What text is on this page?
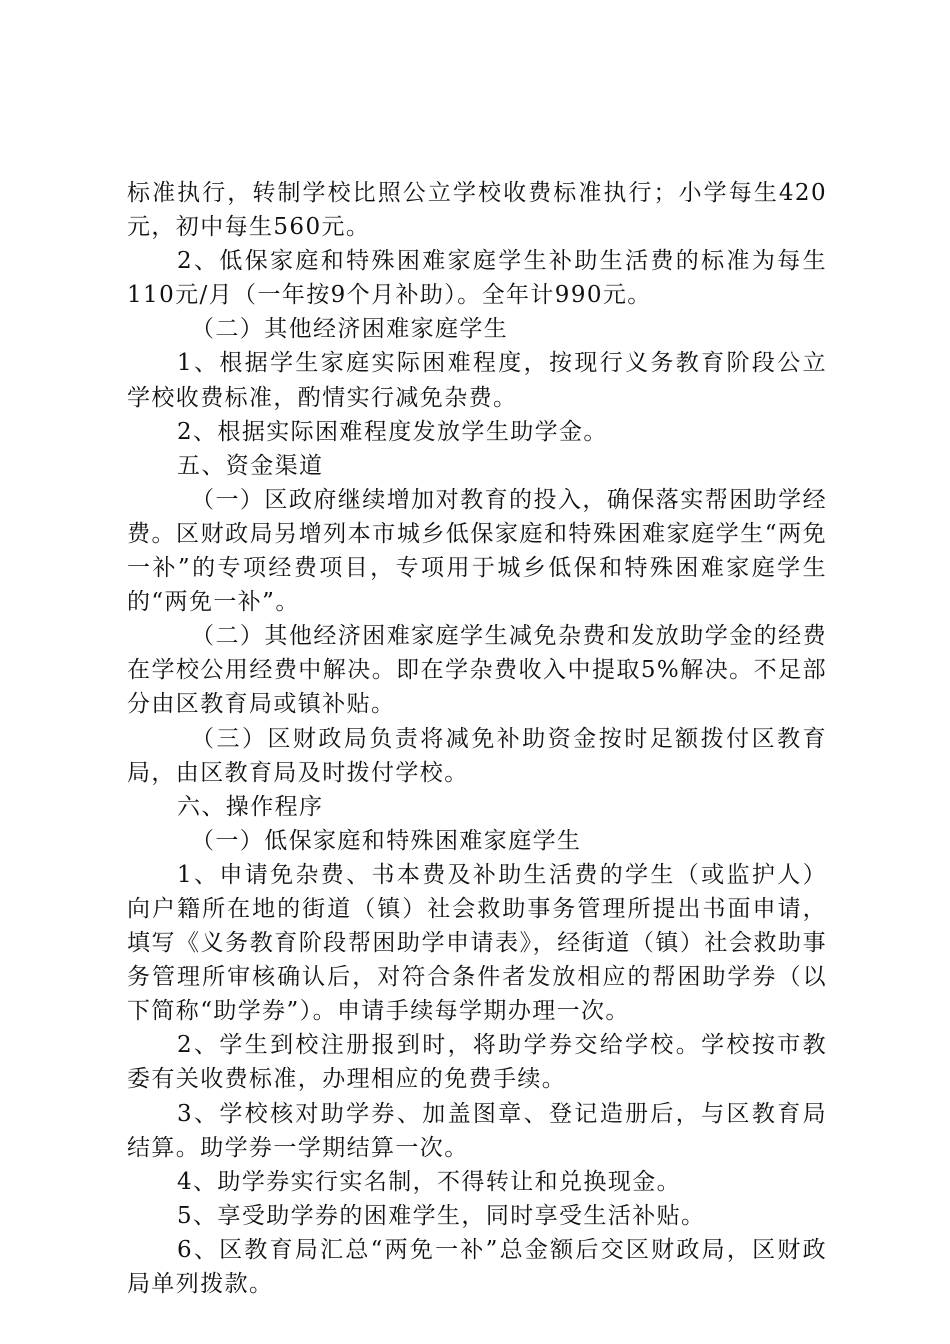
标准执行，转制学校比照公立学校收费标准执行；小学每生420元，初中每生560元。

2、低保家庭和特殊困难家庭学生补助生活费的标准为每生110元/月（一年按9个月补助）。全年计990元。

（二）其他经济困难家庭学生

1、根据学生家庭实际困难程度，按现行义务教育阶段公立学校收费标准，酌情实行减免杂费。

2、根据实际困难程度发放学生助学金。

五、资金渠道

（一）区政府继续增加对教育的投入，确保落实帮困助学经费。区财政局另增列本市城乡低保家庭和特殊困难家庭学生“两免一补”的专项经费项目，专项用于城乡低保和特殊困难家庭学生的“两免一补”。

（二）其他经济困难家庭学生减免杂费和发放助学金的经费在学校公用经费中解决。即在学杂费收入中提取5%解决。不足部分由区教育局或镇补贴。

（三）区财政局负责将减免补助资金按时足额拨付区教育局，由区教育局及时拨付学校。

六、操作程序

（一）低保家庭和特殊困难家庭学生

1、申请免杂费、书本费及补助生活费的学生（或监护人）向户籍所在地的街道（镇）社会救助事务管理所提出书面申请，填写《义务教育阶段帮困助学申请表》，经街道（镇）社会救助事务管理所审核确认后，对符合条件者发放相应的帮困助学券（以下简称“助学券”）。申请手续每学期办理一次。

2、学生到校注册报到时，将助学券交给学校。学校按市教委有关收费标准，办理相应的免费手续。

3、学校核对助学券、加盖图章、登记造册后，与区教育局结算。助学券一学期结算一次。

4、助学券实行实名制，不得转让和兑换现金。

5、享受助学券的困难学生，同时享受生活补贴。

6、区教育局汇总“两免一补”总金额后交区财政局，区财政局单列拨款。
